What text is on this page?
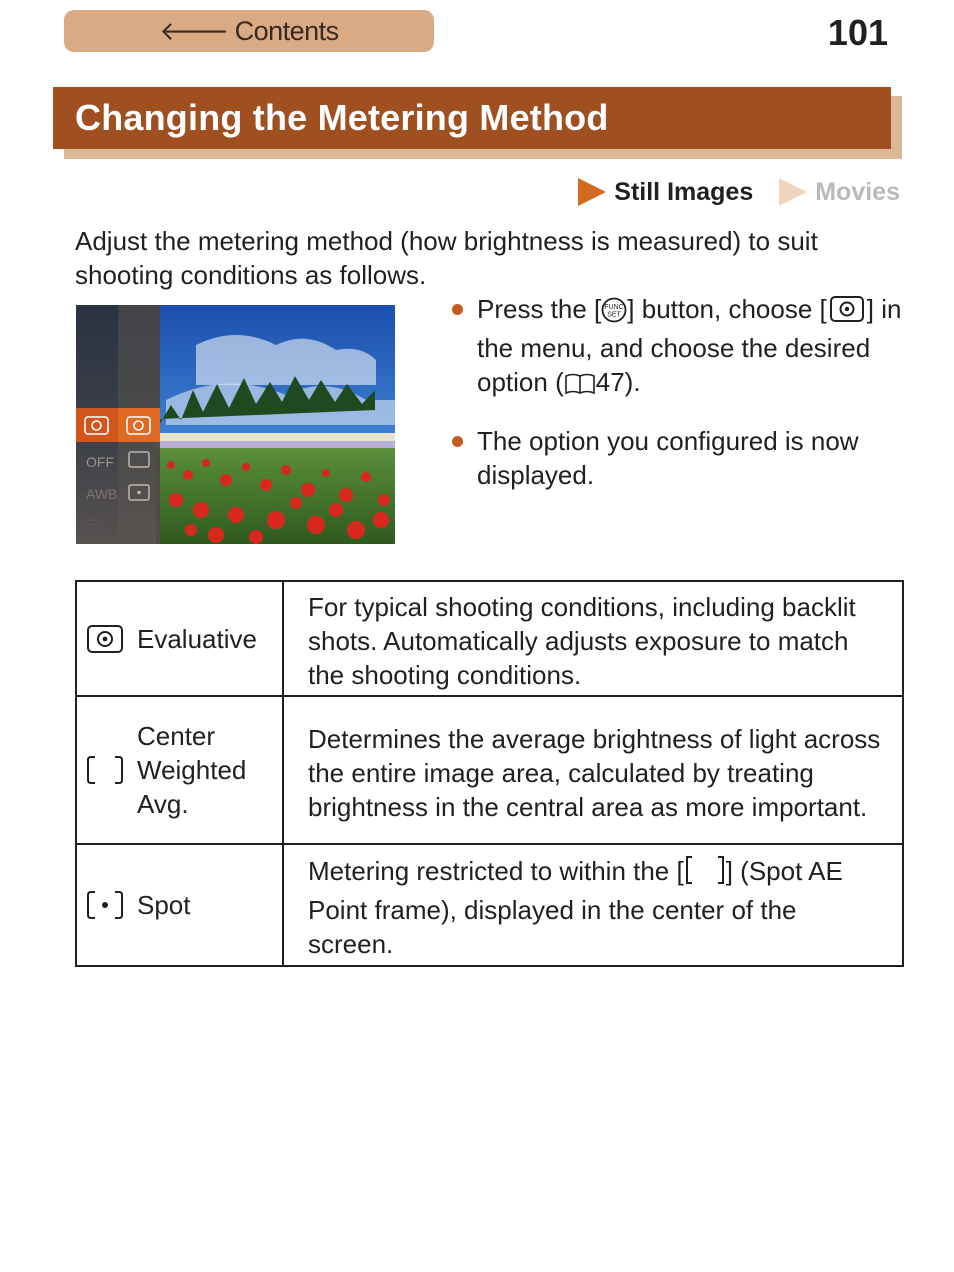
🡐 Contents	101
Changing the Metering Method
Still Images Movies

Adjust the metering method (how brightness is measured) to suit shooting conditions as follows.

OFF
AWB
:::::
Press the [ FUNC
SET ] button, choose [ ] in the menu, and choose the desired option ( 47).
The option you configured is now displayed.
Evaluative	For typical shooting conditions, including backlit shots. Automatically adjusts exposure to match the shooting conditions.

Center Weighted Avg.	Determines the average brightness of light across the entire image area, calculated by treating brightness in the central area as more important.

Spot	Metering restricted to within the [ ] (Spot AE Point frame), displayed in the center of the screen.
